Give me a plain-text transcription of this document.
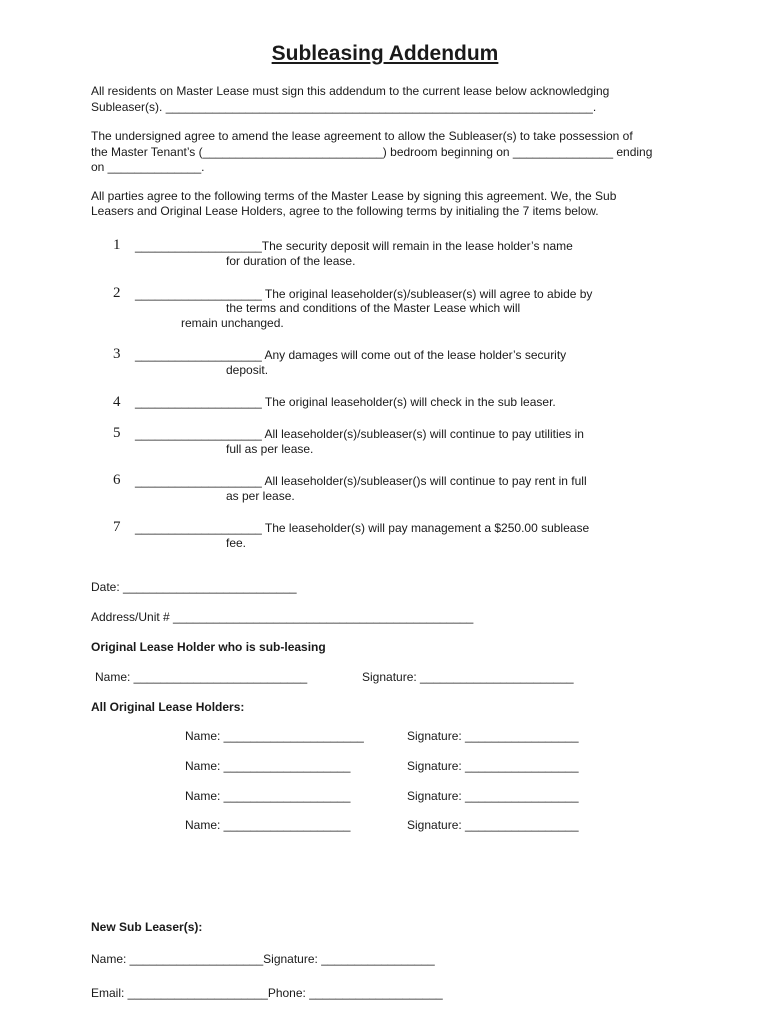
Subleasing Addendum
All residents on Master Lease must sign this addendum to the current lease below acknowledging
Subleaser(s). ________________________________________________________________.
The undersigned agree to amend the lease agreement to allow the Subleaser(s) to take possession of
the Master Tenant’s (___________________________) bedroom beginning on _______________ ending
on ______________.
All parties agree to the following terms of the Master Lease by signing this agreement. We, the Sub
Leasers and Original Lease Holders, agree to the following terms by initialing the 7 items below.
1 ___________________The security deposit will remain in the lease holder’s name
for duration of the lease.
2 ___________________ The original leaseholder(s)/subleaser(s) will agree to abide by
the terms and conditions of the Master Lease which will
remain unchanged.
3 ___________________ Any damages will come out of the lease holder’s security
deposit.
4 ___________________ The original leaseholder(s) will check in the sub leaser.
5 ___________________ All leaseholder(s)/subleaser(s) will continue to pay utilities in
full as per lease.
6 ___________________ All leaseholder(s)/subleaser()s will continue to pay rent in full
as per lease.
7 ___________________ The leaseholder(s) will pay management a $250.00 sublease
fee.
Date: __________________________
Address/Unit # _____________________________________________
Original Lease Holder who is sub-leasing
Name: __________________________	Signature: _______________________
All Original Lease Holders:
Name: _____________________	Signature: _________________
Name: ___________________	Signature: _________________
Name: ___________________	Signature: _________________
Name: ___________________	Signature: _________________
New Sub Leaser(s):
Name: ____________________Signature: _________________
Email: _____________________Phone: ____________________
